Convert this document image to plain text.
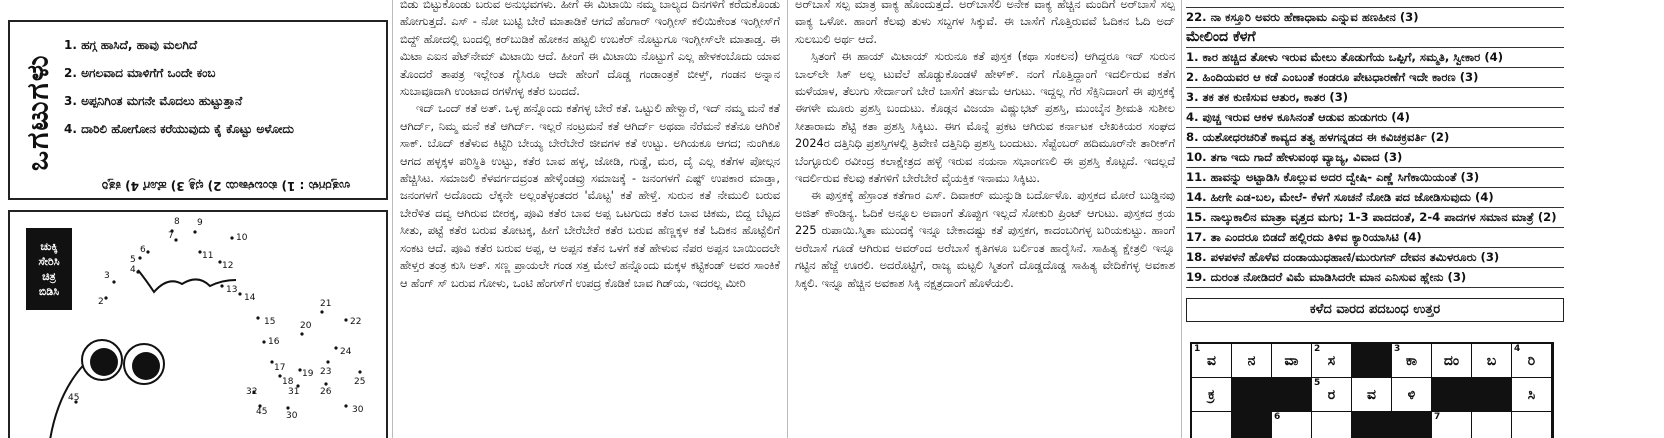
ಒಗಟುಗಳು
1. ಹಗ್ಗ ಹಾಸಿದೆ, ಹಾವು ಮಲಗಿದೆ
2. ಅಗಲವಾದ ಮಾಳಿಗೆಗೆ ಒಂದೇ ಕಂಬ
3. ಅಪ್ಪನಿಗಿಂತ ಮಗನೇ ಮೊದಲು ಹುಟ್ಟುತ್ತಾನೆ
4. ದಾರಿಲಿ ಹೋಗೋನ ಕರೆಯುವುದು ಕೈ ಕೊಟ್ಟು ಅಳೋದು
ಉತ್ತರಗಳು : 1) ಕುಂಬಳಕಾಯಿ 2) ಛತ್ರಿ 3) ಹೊಗೆ 4) ಕತ್ತರಿ
ಚುಕ್ಕಿ
ಸೇರಿಸಿ
ಚಿತ್ರ
ಬಿಡಿಸಿ
8 9
10
7
6
5
4
3
2
11
12
13
14
15
16
17
18
19
20
21
22
23
24
25
26
30
30
32
45
31
45

ಬಿಡು ಬಿಟ್ಟುಕೊಂಡು ಬರುವ ಅನುಭವಗಳು. ಹೀಗೆ ಈ ಮಿಟಾಯಿ ನಮ್ಮ ಬಾಲ್ಯದ ದಿನಗಳಿಗೆ ಕರೆದುಕೊಂಡು ಹೋಗುತ್ತದೆ. ಎಸ್ - ನೋ ಬುಟ್ಟಿ ಬೇರೆ ಮಾತಾಡಿಕೆ ಆಗದೆ ಹೆಂಗಾರ್ ಇಂಗ್ಲೀಸ್ ಕಲಿಯಿಕೇಂತ ಇಂಗ್ಲೀಸ್‌ಗೆ ಬಿದ್ದ್ ಹೋದಲ್ಲಿ ಬಂದಲ್ಲಿ ಕರ್‌ಬುಡಿಕೆ ಹೋಕನ ಹಟ್ಟಲಿ ಉಬಕೆರ್ ನೊಟ್ಟುಗೂ ಇಂಗ್ಲೀಸ್‌ಲೇ ಮಾತಾಡ್ತ. ಈ ಮಿಟಾ ಎಐನ ಪೆಟ್‌ನೇಮ್ ಮಿಟಾಯಿ ಆದೆ. ಹೀಂಗೆ ಈ ಮಿಟಾಯಿ ನೊಟ್ಟುಗೆ ಎಲ್ಲ ಹೇಳಕಂಬೊದು ಯಾವ ತೊಂದರೆ ತಾಪತ್ರ ಇಲ್ಲೇಂತ ಗ್ಯೆಸಿರೂ ಆದೇ ಹೇಂಗೆ ದೊಡ್ಡ ಗಂಡಾಂತ್ರಕೆ ಬೀಳ್ತ್, ಗಂಡನ ಅನ್ನಾನ ಸುಬಾವೂದಾಗಿ ಉಂಟಾದ ರಗಳೆಗಳ್ಳ ಕತೆರ ಬಂದದೆ.

ಇದ್ ಒಂದ್ ಕತೆ ಅತ್. ಒಳ್ಳ ಹನ್ನೊಂದು ಕತೆಗಳ್ಳ ಬೇರೆ ಕತೆ. ಒಟ್ಟುಲಿ ಹೇಳ್ವಾರೆ, ಇದ್ ನಮ್ಮ ಮನೆ ಕತೆ ಆಗಿರ್ದ್, ನಿಮ್ಮ ಮನೆ ಕತೆ ಆಗಿರ್ದ್. ಇಲ್ಲರೆ ನಂಟ್ರಮನೆ ಕತೆ ಆಗಿರ್ದ್ ಅಥವಾ ನೆರೆಮನೆ ಕತೆನೂ ಆಗಿರಿಕೆ ಸಾಕ್. ಬೊದ್ ಕತೆಳುವ ಕಿಟ್ಟಿರಿ ಬೇಯ್ಯ ಬೇರೆಬೇರೆ ಜೀವಗಳ ಕತೆ ಉಟ್ಟು. ಅಗಿಯಕೂ ಆಗದ; ನುಂಗಿಕೂ ಆಗದ ಹಳ್ಳಕ್ಕಳ ಪರಿಸ್ಥಿತಿ ಉಟ್ಟು, ಕತೆರ ಬಾವ ಹಳ್ಳ, ಜೋಡಿ, ಗುಡ್ಡೆ, ಮರ, ದೈ ಎಲ್ಲ ಕತೆಗಳ ಪೋಲ್ಗನ ಹೆಚ್ಚಿಸಿಟ. ಸಮಾಜಲಿ ಕೆಳವರ್ಗದವ್ರಂತ ಹೇಳ್ಕೆಂಡವ್ರು ಸಮಾಜಕ್ಕೆ - ಜನಂಗಳಗೆ ಎಷ್ಟ್ ಉಪಕಾರ ಮಾಡ್ತಾ, ಜನಂಗಳಗೆ ಅದೊಂದು ಲೆಕ್ಕನೇ ಅಲ್ಲಂತೆಳ್ಳಂತದರ 'ಮೊಟ್ಟ' ಕತೆ ಹೇಳ್ತೆ. ಸುರುನ ಕತೆ ನೇಮುಲಿ ಬರುವ ಬೇರೆಳಿತ ದವ್ವ ಆಗಿರುವ ಬೀರಕ್ಕ, ಪೂವಿ ಕತೆರ ಬಾವ ಅಪ್ಪ ಒಟಗುದು ಕತೆರ ಬಾವ ಚಿಕಮ, ಬಿದ್ದ ಬೆಟ್ಟದ ಸೀತು, ಪಟ್ಟೆ ಕತೆರ ಬರುವ ತೋಟಕ್ಕ, ಹೀಗೆ ಬೇರೆಬೇರೆ ಕತೆರ ಬರುವ ಹೆಣ್ಣಕ್ಕಳ ಕತೆ ಓದಿಕನ ಹೊಟ್ಟೆಲಿಗೆ ಸಂಕಟ ಆದೆ. ಪೂವಿ ಕತೆರ ಬರುವ ಅಪ್ಪ, ಆ ಅಪ್ಪನ ಕತೆನ ಒಳಗೆ ಕತೆ ಹೇಳುವ ನೆಪರ ಅಪ್ಪನ ಬಾಯಿಂದಲೇ ಹೇಳ್ತರ ತಂತ್ರ ಕುಸಿ ಅತ್. ಸಣ್ಣ ಪ್ರಾಯಲೇ ಗಂಡ ಸತ್ತ ಮೇಲೆ ಹನ್ನೊಂದು ಮಕ್ಕಳ ಕಟ್ಟಿಕಂಡ್ ಅವರ ಸಾಂಕಿಕೆ ಆ ಹೆಂಗ್ ಸ್ ಬರುವ ಗೋಳು, ಒಂಟಿ ಹೆಂಗಸ್‌ಗೆ ಉಪದ್ರ ಕೊಡಿಕೆ ಬಾವ ಗಿಡ್‌ಯ, ಇದರಲ್ಲ ಮೀರಿ

ಅರ್‌ಬಾಸೆ ಸಲ್ಪ ಮಾತ್ರ ವಾಕ್ಯ ಹೊಂದುತ್ತದೆ. ಅರ್‌ಬಾಸೆಲಿ ಅನೇಕ ವಾಕ್ಯ ಹೆಚ್ಚಿನ ಮಂದಿಗೆ ಅರ್‌ಬಾಸೆ ಸಲ್ಪ ವಾಕ್ಯ ಒಳೋ. ಹಾಂಗೆ ಕೆಲವು ತುಳು ಸಬ್ದಗಳ ಸಿಕ್ಕುವೆ. ಈ ಬಾಸೆಗೆ ಗೊತ್ತಿರುವವೆ ಓದಿಕನ ಓದಿ ಅದ್ ಸುಲಬುಲಿ ಅರ್ಥ ಆದೆ.

ಸ್ಸಿತಂಗೆ ಈ ಹಾಯ್ ಮಿಟಾಯ್ ಸುರುನೂ ಕತೆ ಪುಸ್ತಕ (ಕಥಾ ಸಂಕಲನ) ಆಗಿದ್ದರೂ ಇದ್ ಸುರುನ ಬಾಲ್‌ಲೇ ಸಿಕ್ ಅಲ್ಲ ಟುವೆಲೆ ಹೊಡ್ಡುಕೊಂಡಳೆ ಹೇಳ್‌ಕ್. ನಂಗೆ ಗೊತ್ತಿದ್ದಾಂಗೆ ಇದರ್ಲಿರುವ ಕತೆಗ ಮಳೆಯಾಳ, ತೆಲುಗು ಸೇರ್ದಾಂಗೆ ಬೇರೆ ಬಾಸೆಗೆ ತರ್ಜಮೆ ಆಗುಟು. ಇದ್ದಲ್ಲ ಗೆರ ಸೆಕ್ಸಿನಿದಾಂಗೆ ಈ ಪುಸ್ತಕಕ್ಕೆ ಈಗಳೇ ಮೂರು ಪ್ರಶಸ್ತಿ ಬಂದುಟು. ಕೊಡ್ಗನ ವಿಜಯಾ ವಿಷ್ಣುಭಟ್ ಪ್ರಶಸ್ತಿ, ಮುಂಬೈನ ಶ್ರೀಮತಿ ಸುಶೀಲ ಸೀತಾರಾಮ ಶೆಟ್ಟಿ ಕತಾ ಪ್ರಶಸ್ತಿ ಸಿಕ್ಕಿಟು. ಈಗ ಮೊನ್ನೆ ಪ್ರಕಟ ಆಗಿರುವ ಕರ್ನಾಟಕ ಲೇಖಕಿಯರ ಸಂಘದ 2024ರ ದತ್ತಿನಿಧಿ ಪ್ರಶಸ್ತಿಗಳಲ್ಲಿ ತ್ರಿವೇಣಿ ದತ್ತಿನಿಧಿ ಪ್ರಶಸ್ತಿ ಬಂದುಟು. ಸೆಪ್ಟೆಂಬರ್ ಹದಿಮೂರ್‌ನೇ ತಾರೀಕ್‌ಗೆ ಬೆಂಗ್ಳೂರುಲಿ ರವೀಂದ್ರ ಕಲಾಕ್ಷೇತ್ರದ ಹಳ್ಳೆ ಇರುವ ನಯನಾ ಸಭಾಂಗಣಲಿ ಈ ಪ್ರಶಸ್ತಿ ಕೊಟ್ಟದೆ. ಇದಲ್ಲದೆ ಇದರ್ಲಿರುವ ಕೆಲವು ಕತೆಗಳಿಗೆ ಬೇರೆಬೇರೆ ವೈಯಕ್ತಿಕ ಇನಾಮು ಸಿಕ್ಕಿಟು.

ಈ ಪುಸ್ತಕಕ್ಕೆ ಹೆಸ್ರಾಂತ ಕತೆಗಾರ ಎಸ್. ದಿವಾಕರ್ ಮುನ್ನುಡಿ ಬರ್ದೊಳೊ. ಪುಸ್ತಕದ ಮೋರೆ ಬುಡ್ಡಿನವು ಅಜಿತ್ ಕೌಂಡಿನ್ಯ. ಓದಿಕೆ ಅನ್ನೂಲ ಅವಾಂಗೆ ತೊಪ್ಪುಗ ಇಲ್ಲದೆ ಸೋಕುರಿ ಪ್ರಿಂಟ್ ಆಗುಟು. ಪುಸ್ತಕದ ಕ್ರಯ 225 ರುಪಾಯಿ.ಸ್ಮಿತಾ ಮುಂದಕ್ಕೆ ಇನ್ನೂ ಬೇಕಾದಷ್ಟು ಕತೆ ಪುಸ್ತಕಗ, ಕಾದಂಬರಿಗಳ್ಳ ಬರಿಯಕುಟ್ಟು. ಹಾಂಗೆ ಅರೆಬಾಸೆ ಗೂಡೆ ಆಗಿರುವ ಅವರ್‌ಂದ ಅರೆಬಾಸೆ ಕೃತಿಗಳೂ ಬರ್ಲಿಂತ ಹಾರೈಸಿನೆ. ಸಾಹಿತ್ಯ ಕ್ಷೇತ್ರಲಿ ಇನ್ನೂ ಗಟ್ಟಿನ ಹೆಜ್ಜೆ ಊರಲಿ. ಅದರೊಟ್ಟಿಗೆ, ರಾಜ್ಯ ಮಟ್ಟಲಿ ಸ್ಮಿತಂಗೆ ದೊಡ್ಡದೊಡ್ಡ ಸಾಹಿತ್ಯ ವೇದಿಕೆಗಳ್ಳ ಅವಕಾಶ ಸಿಕ್ಕಲಿ. ಇನ್ನೂ ಹೆಚ್ಚಿನ ಅವಕಾಶ ಸಿಕ್ಕಿ ನಕ್ಷತ್ರದಾಂಗೆ ಹೊಳೆಯಲಿ.

22. ನಾ ಕಸ್ತೂರಿ ಅವರು ಹೆಣಾಧಾಮ ಎನ್ನುವ ಹಣಹೀನ (3)
ಮೇಲಿಂದ ಕೆಳಗೆ
1. ಕಾರ ಹಚ್ಚಿದ ತೋಳು ಇರುವ ಮೇಲು ತೊಡುಗೆಯ ಒಪ್ಪಿಗೆ, ಸಮ್ಮತಿ, ಸ್ವೀಕಾರ (4)
2. ಹಿಂದಿಯವರ ಆ ಕಡೆ ಎಂಬಂತೆ ಕಂಡರೂ ಪೇಟಧಾರಣೆಗೆ ಇದೇ ಕಾರಣ (3)
3. ತಕ ತಕ ಕುಣಿಸುವ ಆತುರ, ಕಾತರ (3)
4. ಪುಚ್ಚ ಇರುವ ಆಕಳ ಕೂಸಿನಂತೆ ಆಡುವ ಹುಡುಗರು (4)
8. ಯಶೋಧರಚರಿತೆ ಕಾವ್ಯದ ತತ್ವ ಹಳಗನ್ನಡದ ಈ ಕವಿಚಕ್ರವರ್ತಿ (2)
10. ತಗಾ ಇದು ಗಾದೆ ಹೇಳುವಂಥ ವ್ಯಾಜ್ಯ, ವಿವಾದ (3)
11. ಹಾವನ್ನು ಅಟ್ಟಾಡಿಸಿ ಕೊಲ್ಲುವ ಅದರ ದ್ವೇಷಿ- ಎಣ್ಣೆ ಸಿಗೆಕಾಯಿಯಂತೆ (3)
14. ಹೀಗೇ ಎಡ-ಬಲ, ಮೇಲೆ- ಕೆಳಗೆ ಸೂಚನೆ ನೋಡಿ ಪದ ಜೋಡಿಸುವುದು (4)
15. ನಾಲ್ಕುಕಾಲಿನ ಮಾತ್ರಾ ವೃತ್ತದ ಮಗು; 1-3 ಪಾದದಂತೆ, 2-4 ಪಾದಗಳ ಸಮಾನ ಮಾತ್ರೆ (2)
17. ತಾ ಎಂದರೂ ಬಿಡದೆ ಹಲ್ಲಿರದು ತಿಳಿವ ಕ್ಯಾರಿಯಾಸಿಟಿ (4)
18. ಪಳಪಳನೆ ಹೊಳೆವ ದಂಡಾಯುಧಹಾಣಿ/ಮುರುಗನ್ ದೇವನ ತಮಿಳರೂರು (3)
19. ದುರಂತ ನೋಡಿದರೆ ವಿಮೆ ಮಾಡಿಸಿದರೇ ಮಾನ ಎನಿಸುವ ಹ್ಲೇನು (3)
ಕಳೆದ ವಾರದ ಪದಬಂಧ ಉತ್ತರ
1
ವ ನ ವಾ
2
ಸ
3
ಕಾ ದಂ ಬ
4
ರಿ
ಕ್ರ
5
ರ ವ ಳಿ	ಸಿ
6	7
